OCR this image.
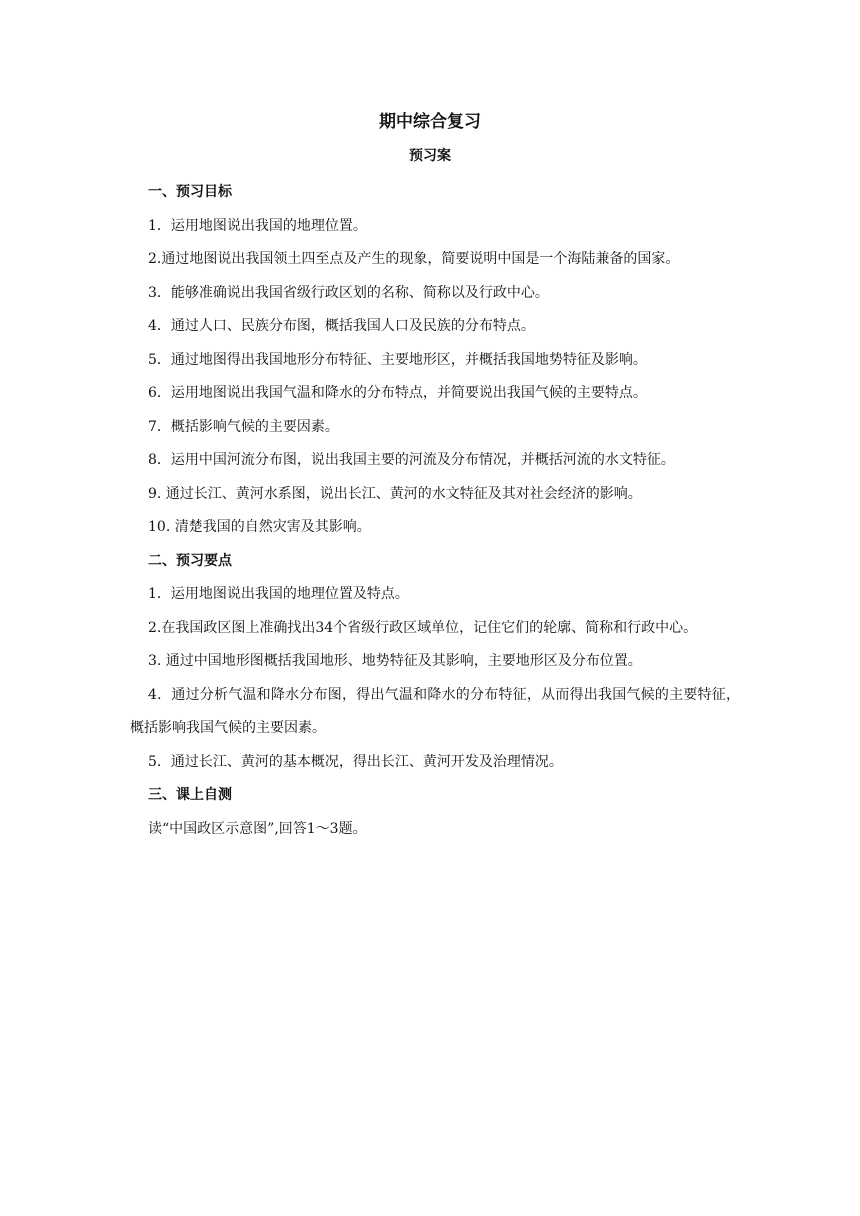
期中综合复习
预习案
一、预习目标

1．运用地图说出我国的地理位置。

2.通过地图说出我国领土四至点及产生的现象，简要说明中国是一个海陆兼备的国家。

3．能够准确说出我国省级行政区划的名称、简称以及行政中心。

4．通过人口、民族分布图，概括我国人口及民族的分布特点。

5．通过地图得出我国地形分布特征、主要地形区，并概括我国地势特征及影响。

6．运用地图说出我国气温和降水的分布特点，并简要说出我国气候的主要特点。

7．概括影响气候的主要因素。

8．运用中国河流分布图，说出我国主要的河流及分布情况，并概括河流的水文特征。

9. 通过长江、黄河水系图，说出长江、黄河的水文特征及其对社会经济的影响。

10. 清楚我国的自然灾害及其影响。

二、预习要点

1．运用地图说出我国的地理位置及特点。

2.在我国政区图上准确找出34个省级行政区域单位，记住它们的轮廓、简称和行政中心。

3. 通过中国地形图概括我国地形、地势特征及其影响，主要地形区及分布位置。

4．通过分析气温和降水分布图，得出气温和降水的分布特征，从而得出我国气候的主要特征，概括影响我国气候的主要因素。

5．通过长江、黄河的基本概况，得出长江、黄河开发及治理情况。

三、课上自测

读“中国政区示意图”,回答1～3题。
